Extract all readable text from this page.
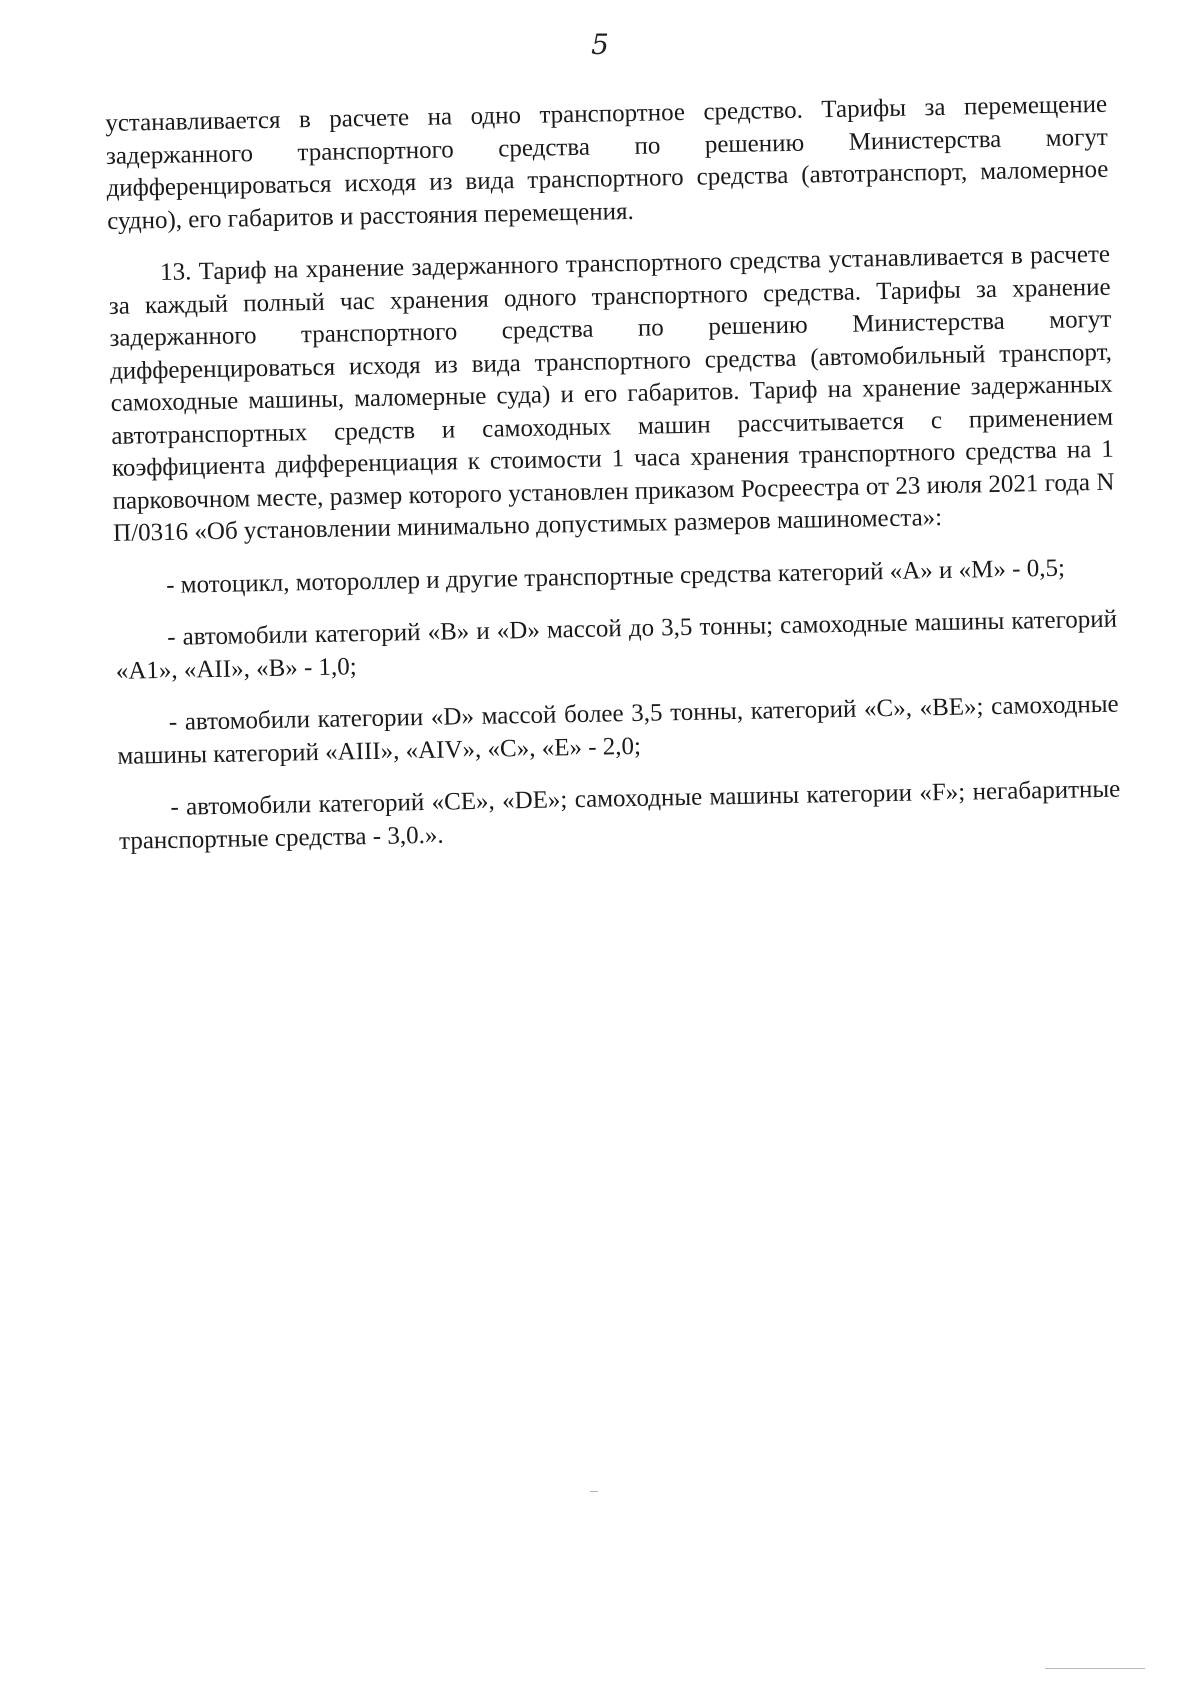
5

устанавливается в расчете на одно транспортное средство. Тарифы за перемещение задержанного транспортного средства по решению Министерства могут дифференцироваться исходя из вида транспортного средства (автотранспорт, маломерное судно), его габаритов и расстояния перемещения.

13. Тариф на хранение задержанного транспортного средства устанавливается в расчете за каждый полный час хранения одного транспортного средства. Тарифы за хранение задержанного транспортного средства по решению Министерства могут дифференцироваться исходя из вида транспортного средства (автомобильный транспорт, самоходные машины, маломерные суда) и его габаритов. Тариф на хранение задержанных автотранспортных средств и самоходных машин рассчитывается с применением коэффициента дифференциация к стоимости 1 часа хранения транспортного средства на 1 парковочном месте, размер которого установлен приказом Росреестра от 23 июля 2021 года N П/0316 «Об установлении минимально допустимых размеров машиноместа»:

- мотоцикл, мотороллер и другие транспортные средства категорий «А» и «М» - 0,5;

- автомобили категорий «В» и «D» массой до 3,5 тонны; самоходные машины категорий «А1», «АII», «В» - 1,0;

- автомобили категории «D» массой более 3,5 тонны, категорий «С», «ВЕ»; самоходные машины категорий «АIII», «АIV», «С», «Е» - 2,0;

- автомобили категорий «СЕ», «DE»; самоходные машины категории «F»; негабаритные транспортные средства - 3,0.».
